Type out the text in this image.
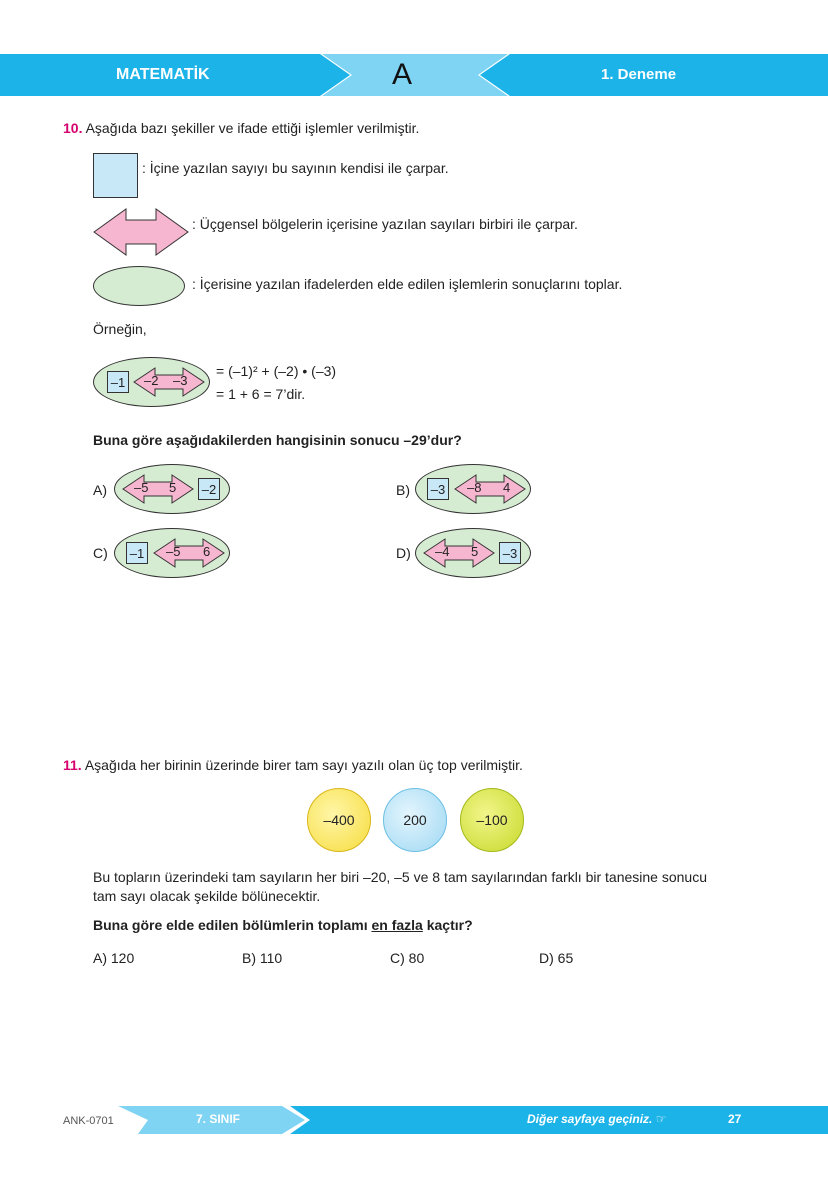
MATEMATİK	A	1. Deneme
10. Aşağıda bazı şekiller ve ifade ettiği işlemler verilmiştir.
: İçine yazılan sayıyı bu sayının kendisi ile çarpar.
: Üçgensel bölgelerin içerisine yazılan sayıları birbiri ile çarpar.
: İçerisine yazılan ifadelerden elde edilen işlemlerin sonuçlarını toplar.
Örneğin,
–1 –2 –3
= (–1)² + (–2) • (–3)
= 1 + 6 = 7’dir.
Buna göre aşağıdakilerden hangisinin sonucu –29’dur?
A) –5 5 –2	B) –3 –8 4
C) –1 –5 6	D) –4 5 –3
11. Aşağıda her birinin üzerinde birer tam sayı yazılı olan üç top verilmiştir.
–400	200	–100
Bu topların üzerindeki tam sayıların her biri –20, –5 ve 8 tam sayılarından farklı bir tanesine sonucu
tam sayı olacak şekilde bölünecektir.
Buna göre elde edilen bölümlerin toplamı en fazla kaçtır?
A) 120	B) 110	C) 80	D) 65
ANK-0701	7. SINIF	Diğer sayfaya geçiniz. ☞	27
